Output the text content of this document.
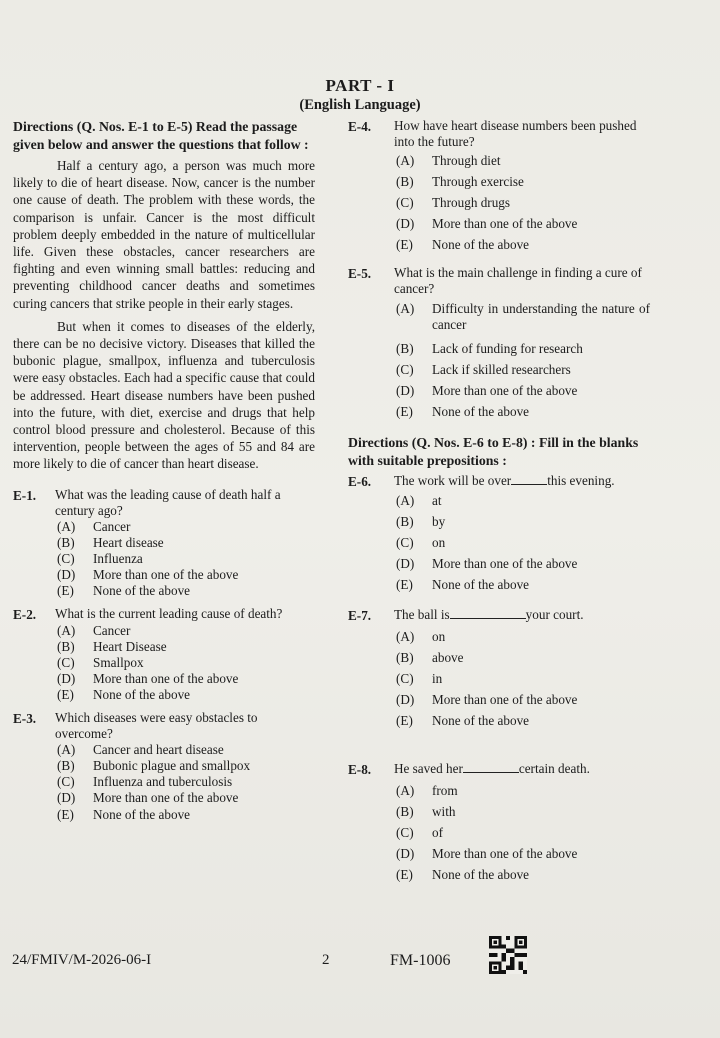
PART - I
(English Language)
Directions (Q. Nos. E-1 to E-5) Read the passage given below and answer the questions that follow :
Half a century ago, a person was much more likely to die of heart disease. Now, cancer is the number one cause of death. The problem with these words, the comparison is unfair. Cancer is the most difficult problem deeply embedded in the nature of multicellular life. Given these obstacles, cancer researchers are fighting and even winning small battles: reducing and preventing childhood cancer deaths and sometimes curing cancers that strike people in their early stages.
But when it comes to diseases of the elderly, there can be no decisive victory. Diseases that killed the bubonic plague, smallpox, influenza and tuberculosis were easy obstacles. Each had a specific cause that could be addressed. Heart disease numbers have been pushed into the future, with diet, exercise and drugs that help control blood pressure and cholesterol. Because of this intervention, people between the ages of 55 and 84 are more likely to die of cancer than heart disease.
E-1.	What was the leading cause of death half a century ago?
(A)	Cancer
(B)	Heart disease
(C)	Influenza
(D)	More than one of the above
(E)	None of the above
E-2.	What is the current leading cause of death?
(A)	Cancer
(B)	Heart Disease
(C)	Smallpox
(D)	More than one of the above
(E)	None of the above
E-3.	Which diseases were easy obstacles to overcome?
(A)	Cancer and heart disease
(B)	Bubonic plague and smallpox
(C)	Influenza and tuberculosis
(D)	More than one of the above
(E)	None of the above
E-4.	How have heart disease numbers been pushed into the future?
(A)	Through diet
(B)	Through exercise
(C)	Through drugs
(D)	More than one of the above
(E)	None of the above
E-5.	What is the main challenge in finding a cure of cancer?
(A)	Difficulty in understanding the nature of cancer
(B)	Lack of funding for research
(C)	Lack if skilled researchers
(D)	More than one of the above
(E)	None of the above
Directions (Q. Nos. E-6 to E-8) : Fill in the blanks with suitable prepositions :
E-6.	The work will be over	this evening.
(A)	at
(B)	by
(C)	on
(D)	More than one of the above
(E)	None of the above
E-7.	The ball is	your court.
(A)	on
(B)	above
(C)	in
(D)	More than one of the above
(E)	None of the above
E-8.	He saved her	certain death.
(A)	from
(B)	with
(C)	of
(D)	More than one of the above
(E)	None of the above
24/FMIV/M-2026-06-I	2	FM-1006
